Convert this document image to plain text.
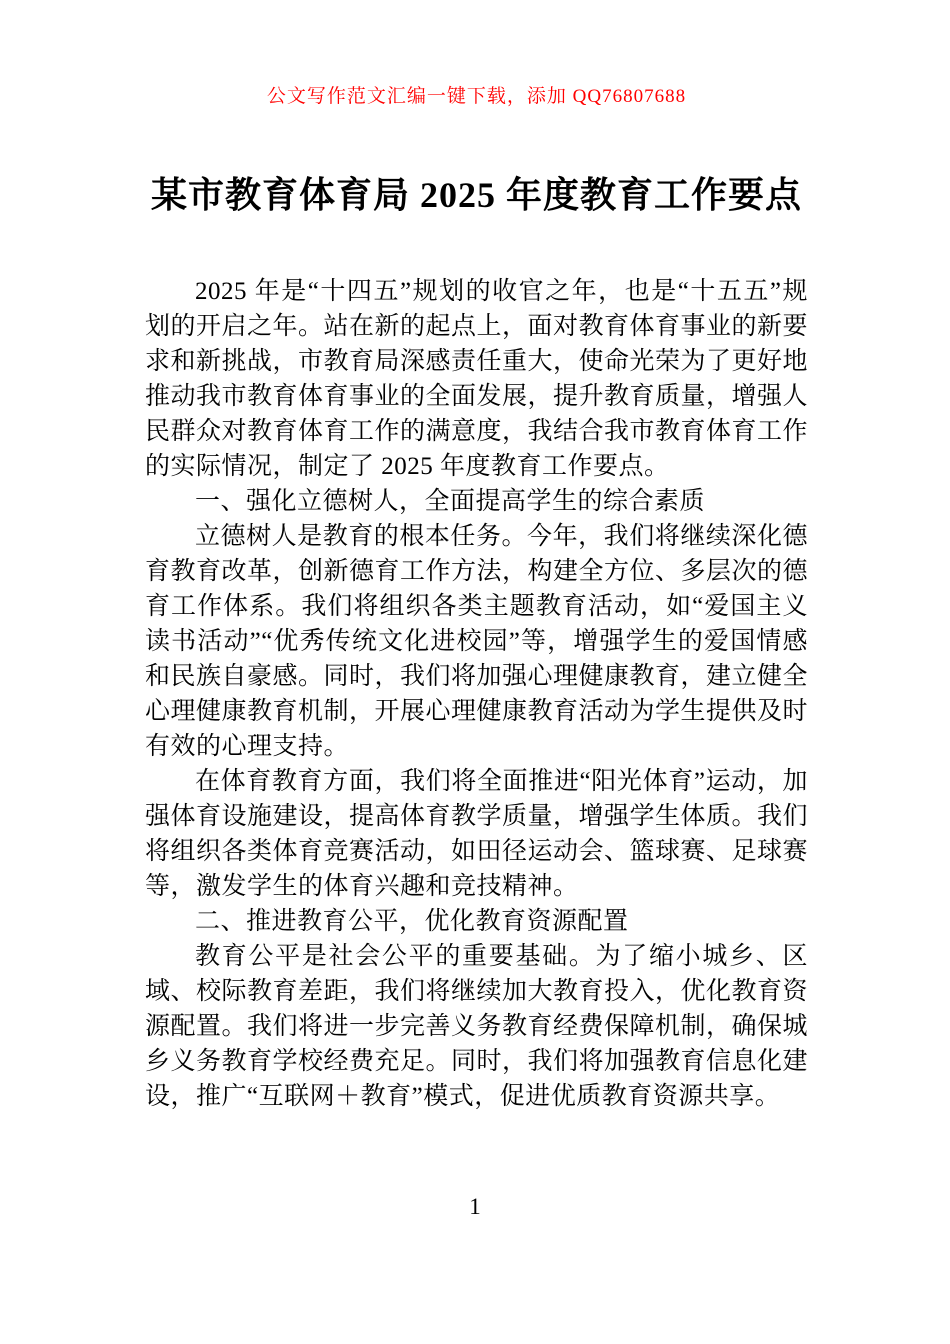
公文写作范文汇编一键下载，添加 QQ76807688
某市教育体育局 2025 年度教育工作要点

2025 年是“十四五”规划的收官之年，也是“十五五”规划的开启之年。站在新的起点上，面对教育体育事业的新要求和新挑战，市教育局深感责任重大，使命光荣为了更好地推动我市教育体育事业的全面发展，提升教育质量，增强人民群众对教育体育工作的满意度，我结合我市教育体育工作的实际情况，制定了 2025 年度教育工作要点。

一、强化立德树人，全面提高学生的综合素质

立德树人是教育的根本任务。今年，我们将继续深化德育教育改革，创新德育工作方法，构建全方位、多层次的德育工作体系。我们将组织各类主题教育活动，如“爱国主义读书活动”“优秀传统文化进校园”等，增强学生的爱国情感和民族自豪感。同时，我们将加强心理健康教育，建立健全心理健康教育机制，开展心理健康教育活动为学生提供及时有效的心理支持。

在体育教育方面，我们将全面推进“阳光体育”运动，加强体育设施建设，提高体育教学质量，增强学生体质。我们将组织各类体育竞赛活动，如田径运动会、篮球赛、足球赛等，激发学生的体育兴趣和竞技精神。

二、推进教育公平，优化教育资源配置

教育公平是社会公平的重要基础。为了缩小城乡、区域、校际教育差距，我们将继续加大教育投入，优化教育资源配置。我们将进一步完善义务教育经费保障机制，确保城乡义务教育学校经费充足。同时，我们将加强教育信息化建设，推广“互联网＋教育”模式，促进优质教育资源共享。

1
